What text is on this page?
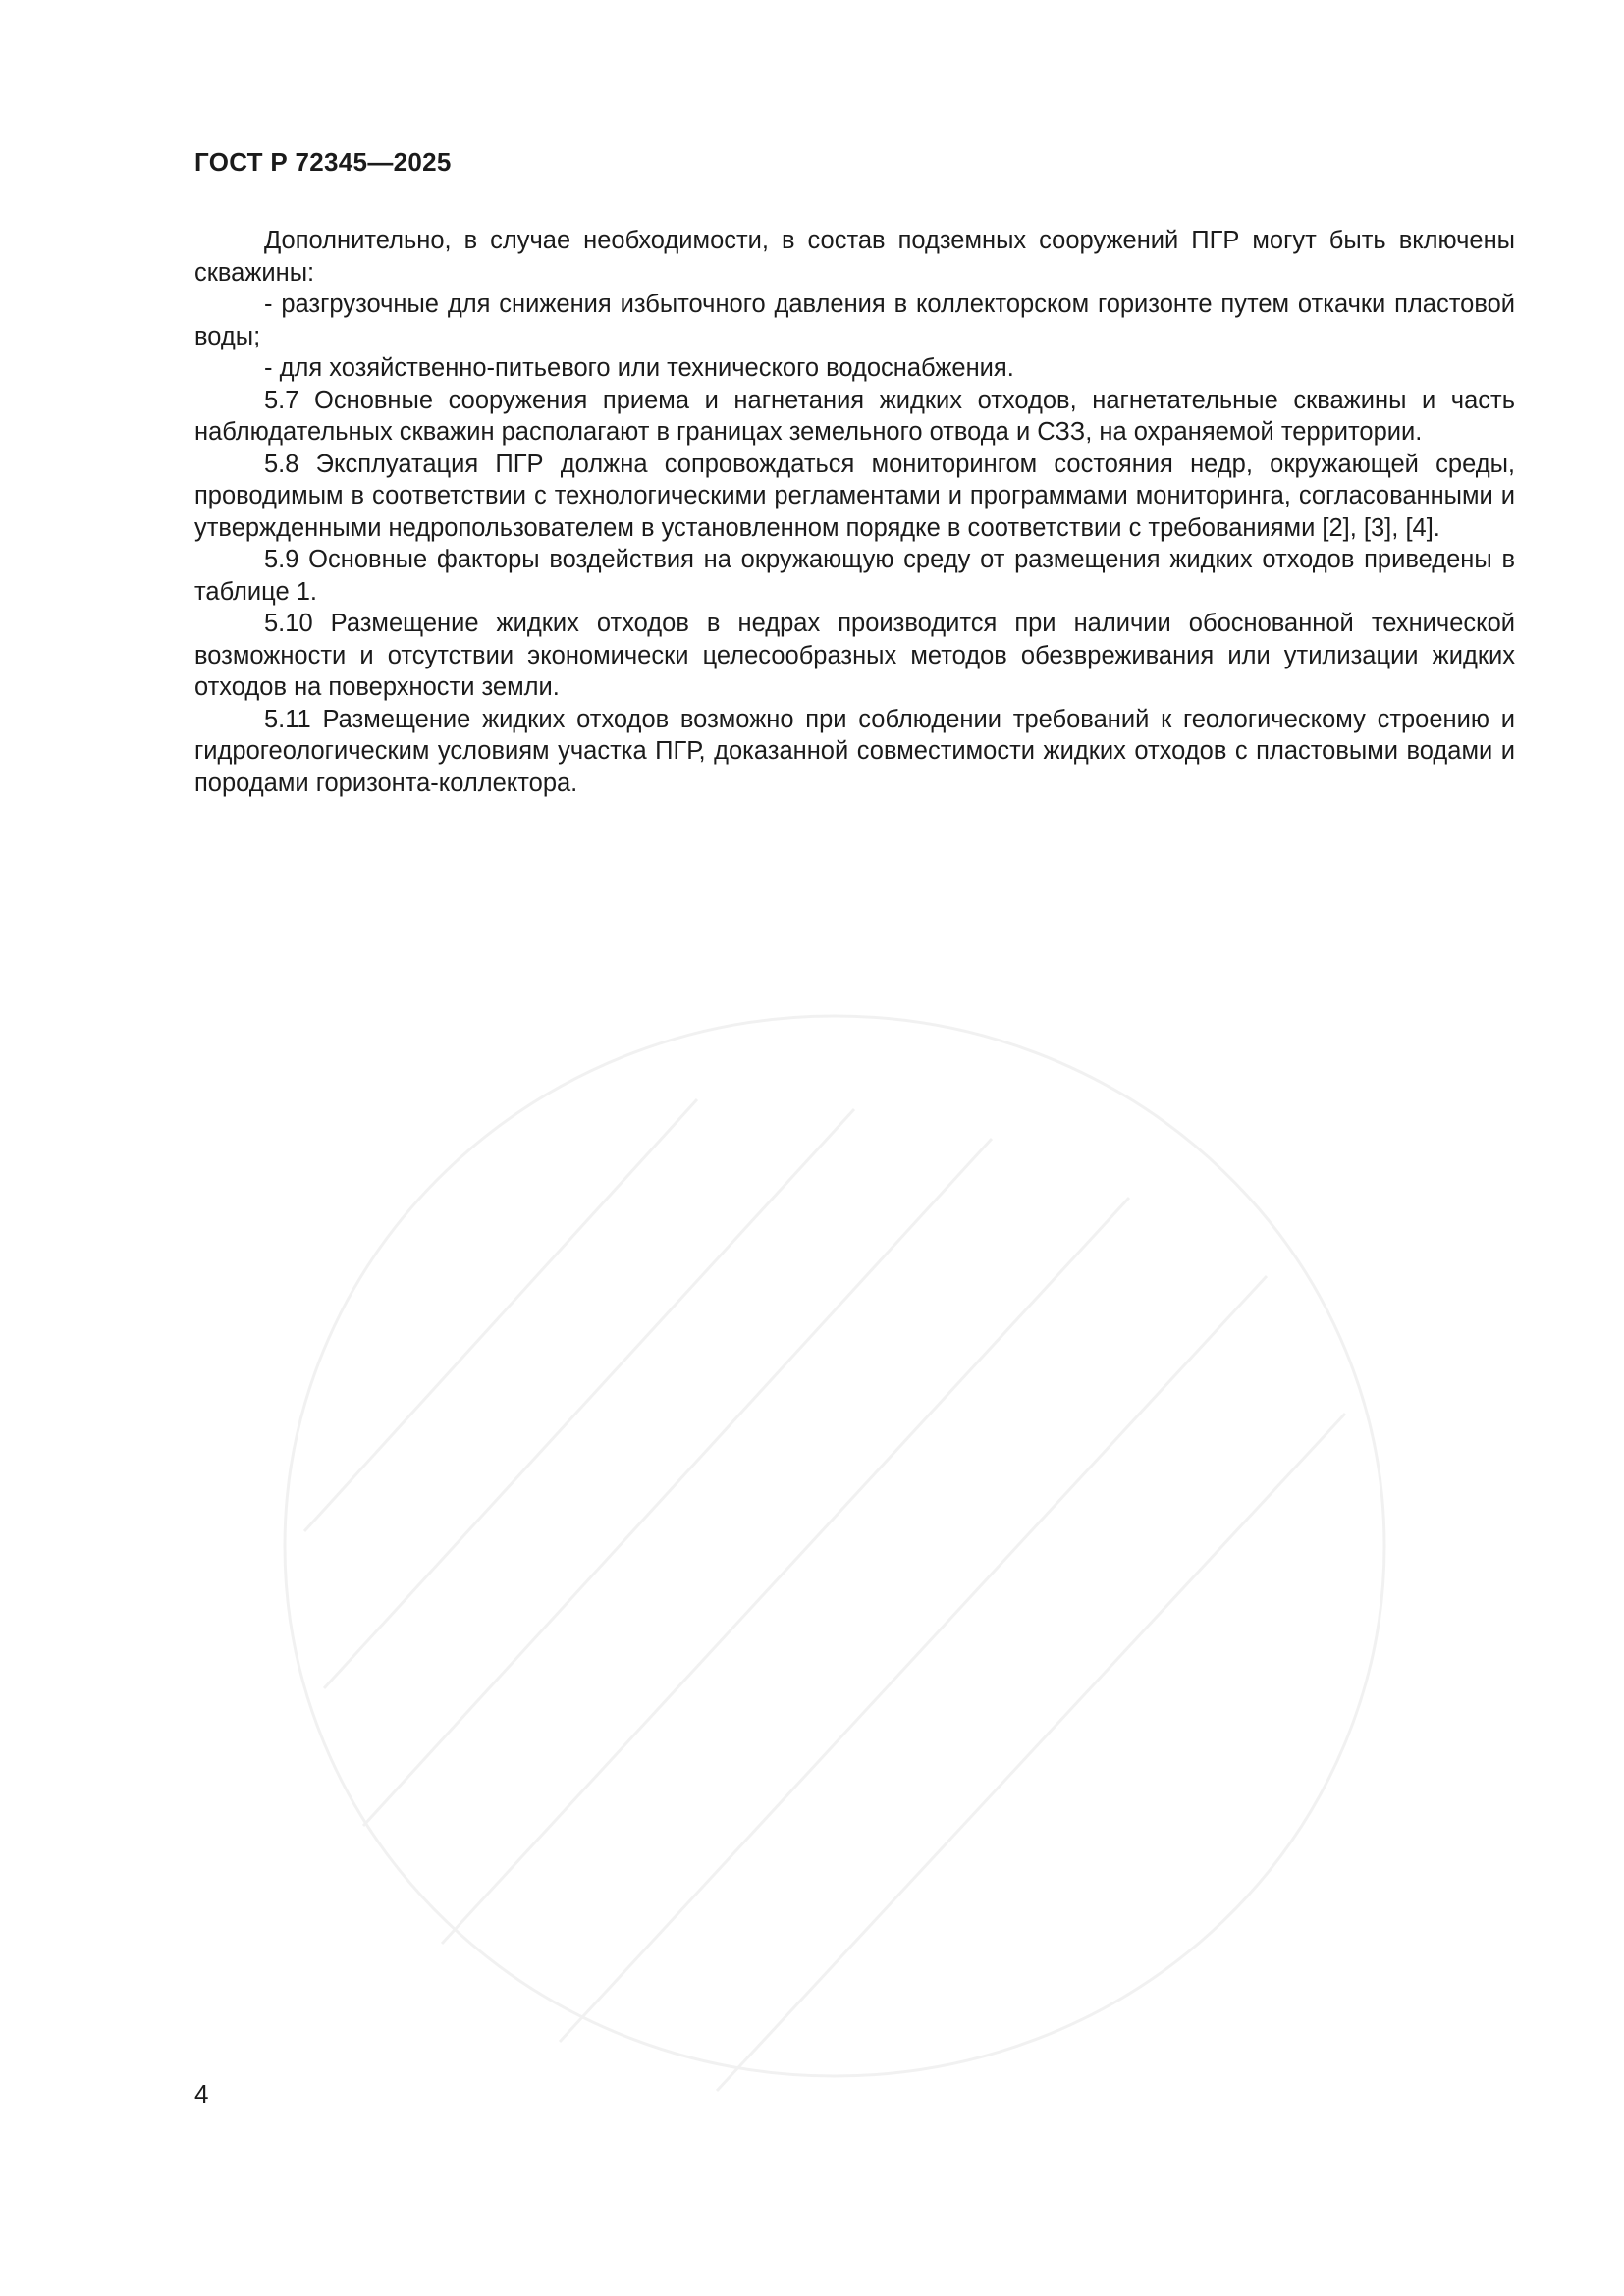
ГОСТ Р 72345—2025

Дополнительно, в случае необходимости, в состав подземных сооружений ПГР могут быть включены скважины:

- разгрузочные для снижения избыточного давления в коллекторском горизонте путем откачки пластовой воды;

- для хозяйственно-питьевого или технического водоснабжения.

5.7 Основные сооружения приема и нагнетания жидких отходов, нагнетательные скважины и часть наблюдательных скважин располагают в границах земельного отвода и СЗЗ, на охраняемой территории.

5.8 Эксплуатация ПГР должна сопровождаться мониторингом состояния недр, окружающей среды, проводимым в соответствии с технологическими регламентами и программами мониторинга, согласованными и утвержденными недропользователем в установленном порядке в соответствии с требованиями [2], [3], [4].

5.9 Основные факторы воздействия на окружающую среду от размещения жидких отходов приведены в таблице 1.

5.10 Размещение жидких отходов в недрах производится при наличии обоснованной технической возможности и отсутствии экономически целесообразных методов обезвреживания или утилизации жидких отходов на поверхности земли.

5.11 Размещение жидких отходов возможно при соблюдении требований к геологическому строению и гидрогеологическим условиям участка ПГР, доказанной совместимости жидких отходов с пластовыми водами и породами горизонта-коллектора.

4
